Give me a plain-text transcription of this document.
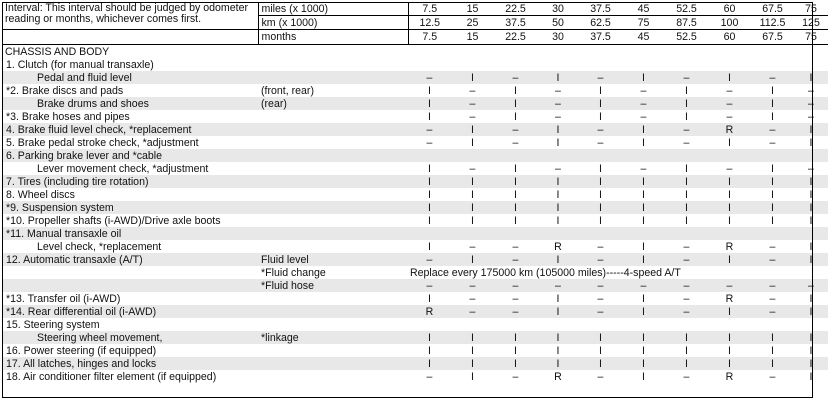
Interval: This interval should be judged by odometer reading or months, whichever comes first.	miles (x 1000)	7.5	15	22.5	30	37.5	45	52.5	60	67.5	75
	km (x 1000)	12.5	25	37.5	50	62.5	75	87.5	100	112.5	125
	months	7.5	15	22.5	30	37.5	45	52.5	60	67.5	75
CHASSIS AND BODY											
1. Clutch (for manual transaxle)											
Pedal and fluid level		–	I	–	I	–	I	–	I	–	I
*2. Brake discs and pads	(front, rear)	I	–	I	–	I	–	I	–	I	–
Brake drums and shoes	(rear)	I	–	I	–	I	–	I	–	I	–
*3. Brake hoses and pipes		I	–	I	–	I	–	I	–	I	–
4. Brake fluid level check, *replacement		–	I	–	I	–	I	–	R	–	I
5. Brake pedal stroke check, *adjustment		–	I	–	I	–	I	–	I	–	I
6. Parking brake lever and *cable											
Lever movement check, *adjustment		I	–	I	–	I	–	I	–	I	–
7. Tires (including tire rotation)		I	I	I	I	I	I	I	I	I	I
8. Wheel discs		I	I	I	I	I	I	I	I	I	I
*9. Suspension system		I	I	I	I	I	I	I	I	I	I
*10. Propeller shafts (i-AWD)/Drive axle boots		I	I	I	I	I	I	I	I	I	I
*11. Manual transaxle oil											
Level check, *replacement		I	–	–	R	–	I	–	R	–	I
12. Automatic transaxle (A/T)	Fluid level	–	I	–	I	–	I	–	I	–	I
	*Fluid change	Replace every 175000 km (105000 miles)-----4-speed A/T									
	*Fluid hose	–	–	–	–	–	–	–	–	–	–
*13. Transfer oil (i-AWD)		I	–	–	I	–	I	–	R	–	I
*14. Rear differential oil (i-AWD)		R	–	–	I	–	I	–	I	–	I
15. Steering system											
Steering wheel movement,	*linkage	I	I	I	I	I	I	I	I	I	I
16. Power steering (if equipped)		I	I	I	I	I	I	I	I	I	I
17. All latches, hinges and locks		I	I	I	I	I	I	I	I	I	I
18. Air conditioner filter element (if equipped)		–	I	–	R	–	I	–	R	–	I
